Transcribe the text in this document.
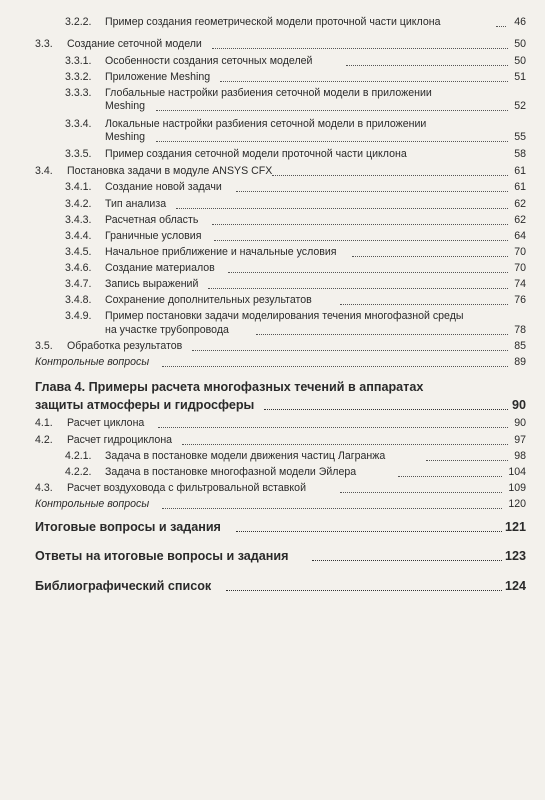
3.2.2. Пример создания геометрической модели проточной части циклона	46
3.3. Создание сеточной модели	50
3.3.1. Особенности создания сеточных моделей	50
3.3.2. Приложение Meshing	51
3.3.3. Глобальные настройки разбиения сеточной модели в приложении
Meshing	52
3.3.4. Локальные настройки разбиения сеточной модели в приложении
Meshing	55
3.3.5. Пример создания сеточной модели проточной части циклона	58
3.4. Постановка задачи в модуле ANSYS CFX	61
3.4.1. Создание новой задачи	61
3.4.2. Тип анализа	62
3.4.3. Расчетная область	62
3.4.4. Граничные условия	64
3.4.5. Начальное приближение и начальные условия	70
3.4.6. Создание материалов	70
3.4.7. Запись выражений	74
3.4.8. Сохранение дополнительных результатов	76
3.4.9. Пример постановки задачи моделирования течения многофазной среды
на участке трубопровода	78
3.5. Обработка результатов	85
Контрольные вопросы	89
Глава 4. Примеры расчета многофазных течений в аппаратах
защиты атмосферы и гидросферы	90
4.1. Расчет циклона	90
4.2. Расчет гидроциклона	97
4.2.1. Задача в постановке модели движения частиц Лагранжа	98
4.2.2. Задача в постановке многофазной модели Эйлера	104
4.3. Расчет воздуховода с фильтровальной вставкой	109
Контрольные вопросы	120
Итоговые вопросы и задания	121
Ответы на итоговые вопросы и задания	123
Библиографический список	124
